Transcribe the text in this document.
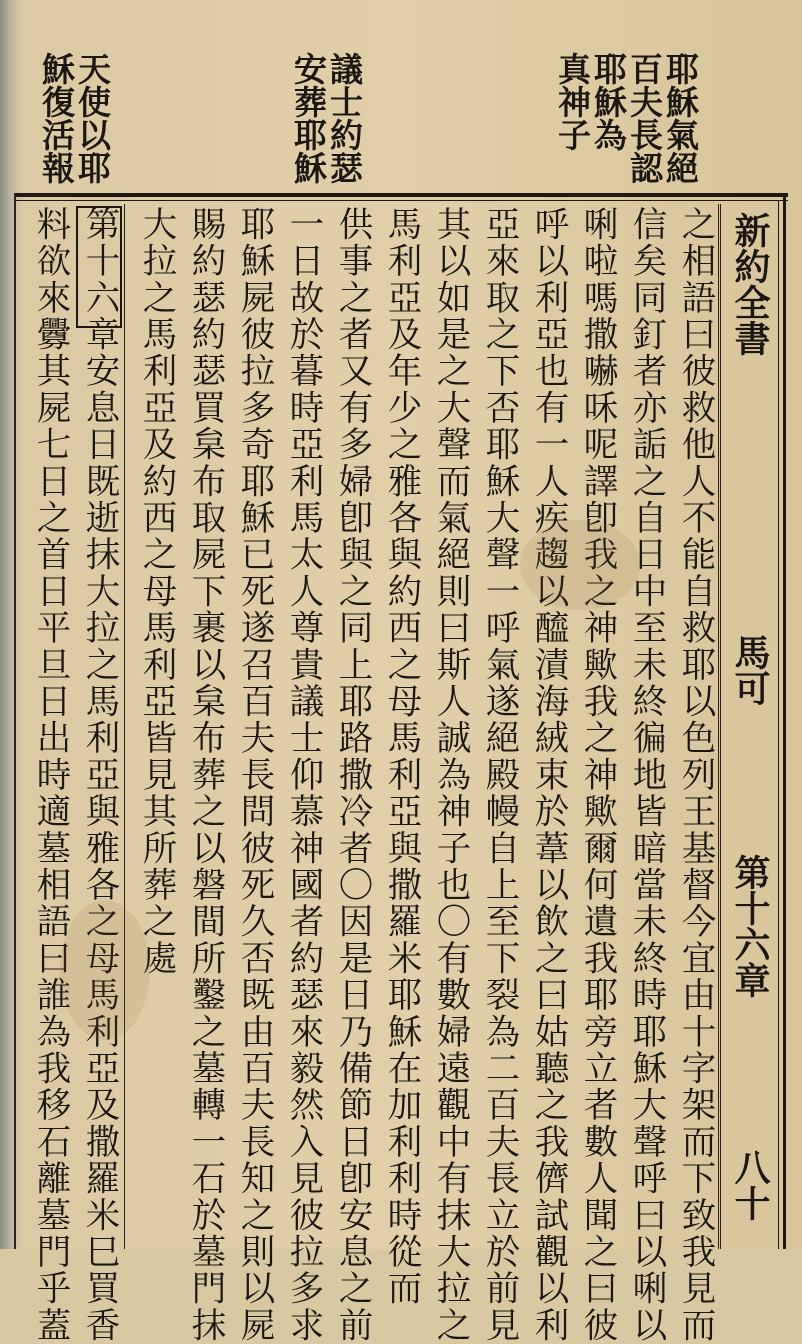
耶穌氣絕
百夫長認
耶穌為
真神子
議士約瑟
安葬耶穌
天使以耶
穌復活報
新約全書
馬可
第十六章
八十
之相語曰彼救他人不能自救耶以色列王基督今宜由十字架而下致我見而
信矣同釘者亦詬之自日中至未終徧地皆暗當未終時耶穌大聲呼曰以唎以
唎啦嗎撒嚇咊呢譯卽我之神歟我之神歟爾何遺我耶旁立者數人聞之曰彼
呼以利亞也有一人疾趨以醯漬海絨束於葦以飲之曰姑聽之我儕試觀以利
亞來取之下否耶穌大聲一呼氣遂絕殿幔自上至下裂為二百夫長立於前見
其以如是之大聲而氣絕則曰斯人誠為神子也〇有數婦遠觀中有抹大拉之
馬利亞及年少之雅各與約西之母馬利亞與撒羅米耶穌在加利利時從而
供事之者又有多婦卽與之同上耶路撒冷者〇因是日乃備節日卽安息之前
一日故於暮時亞利馬太人尊貴議士仰慕神國者約瑟來毅然入見彼拉多求
耶穌屍彼拉多奇耶穌已死遂召百夫長問彼死久否既由百夫長知之則以屍
賜約瑟約瑟買枲布取屍下裹以枲布葬之以磐間所鑿之墓轉一石於墓門抹
大拉之馬利亞及約西之母馬利亞皆見其所葬之處
第十六章安息日既逝抹大拉之馬利亞與雅各之母馬利亞及撒羅米巳買香
料欲來釁其屍七日之首日平旦日出時適墓相語曰誰為我移石離墓門乎蓋
